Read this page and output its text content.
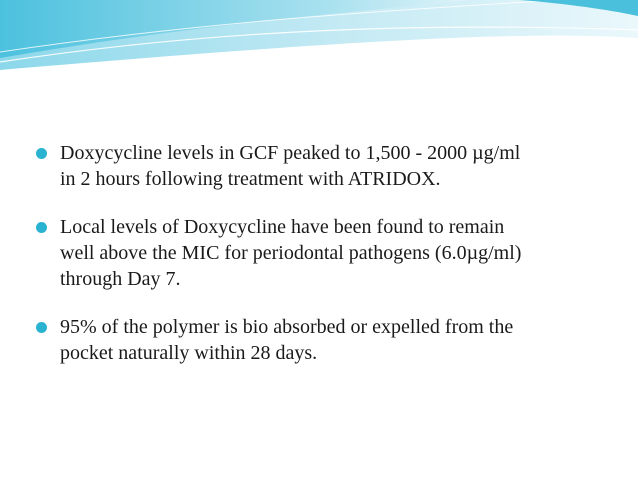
Doxycycline levels in GCF peaked to 1,500 - 2000 µg/ml
in 2 hours following treatment with ATRIDOX.
Local levels of Doxycycline have been found to remain
well above the MIC for periodontal pathogens (6.0µg/ml)
through Day 7.
95% of the polymer is bio absorbed or expelled from the
pocket naturally within 28 days.
